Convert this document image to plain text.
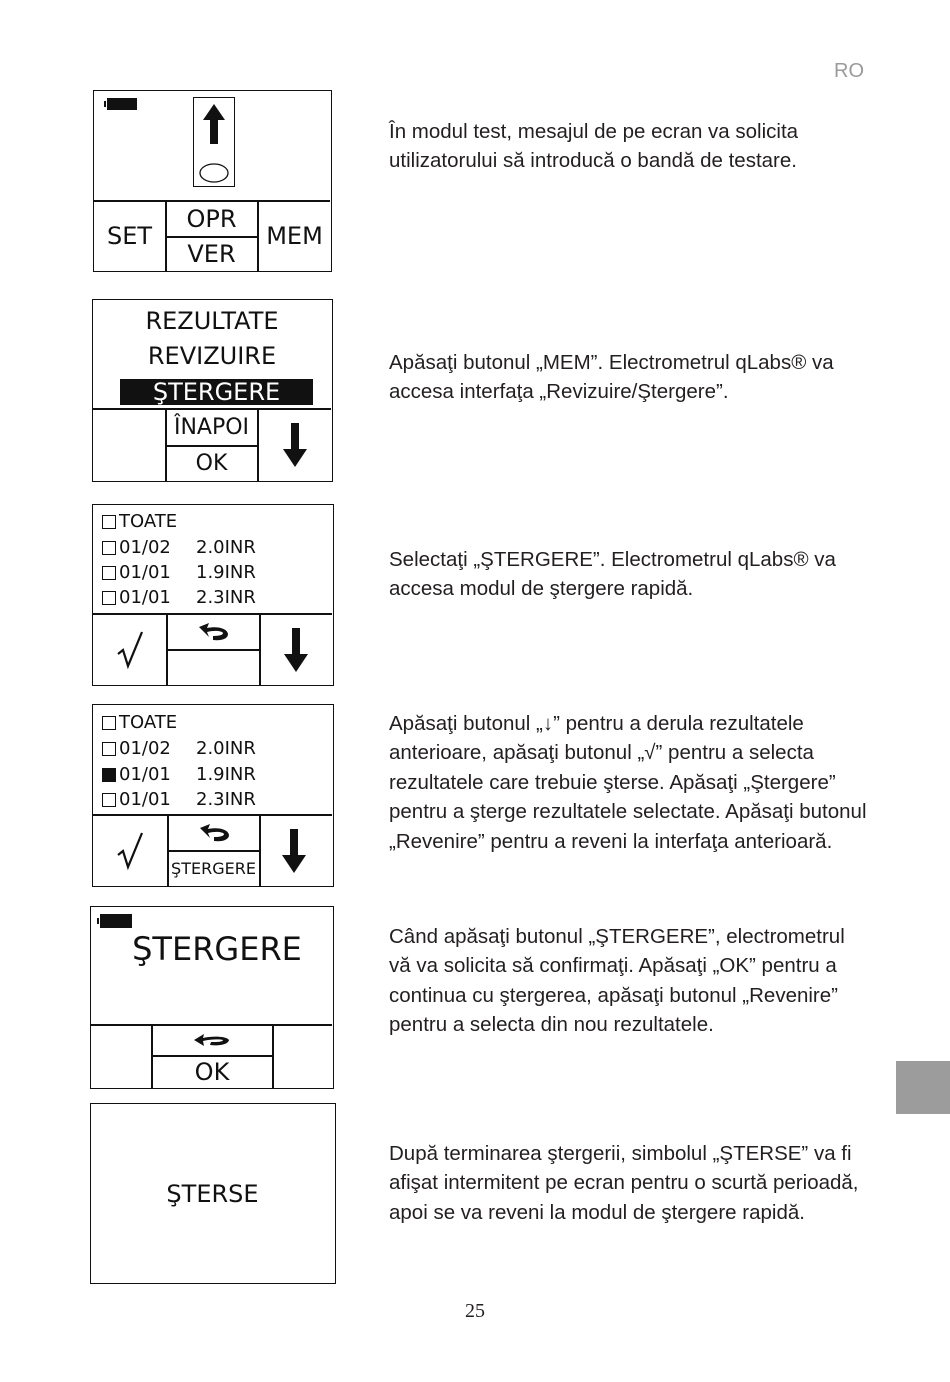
RO
SET
OPR
VER
MEM

În modul test, mesajul de pe ecran va solicita utilizatorului să introducă o bandă de testare.

REZULTATE
REVIZUIRE
ŞTERGERE
ÎNAPOI
OK

Apăsaţi butonul „MEM”. Electrometrul qLabs® va accesa interfaţa „Revizuire/Ştergere”.

TOATE
01/02	2.0INR
01/01	1.9INR
01/01	2.3INR

Selectaţi „ŞTERGERE”. Electrometrul qLabs® va accesa modul de ştergere rapidă.

TOATE
01/02	2.0INR
01/01	1.9INR
01/01	2.3INR
ŞTERGERE

Apăsaţi butonul „↓” pentru a derula rezultatele anterioare, apăsaţi butonul „√” pentru a selecta rezultatele care trebuie şterse. Apăsaţi „Ştergere” pentru a şterge rezultatele selectate. Apăsaţi butonul „Revenire” pentru a reveni la interfaţa anterioară.

ŞTERGERE
OK

Când apăsaţi butonul „ŞTERGERE”, electrometrul vă va solicita să confirmaţi. Apăsaţi „OK” pentru a continua cu ştergerea, apăsaţi butonul „Revenire” pentru a selecta din nou rezultatele.

ŞTERSE

După terminarea ştergerii, simbolul „ŞTERSE” va fi afişat intermitent pe ecran pentru o scurtă perioadă, apoi se va reveni la modul de ştergere rapidă.

25
